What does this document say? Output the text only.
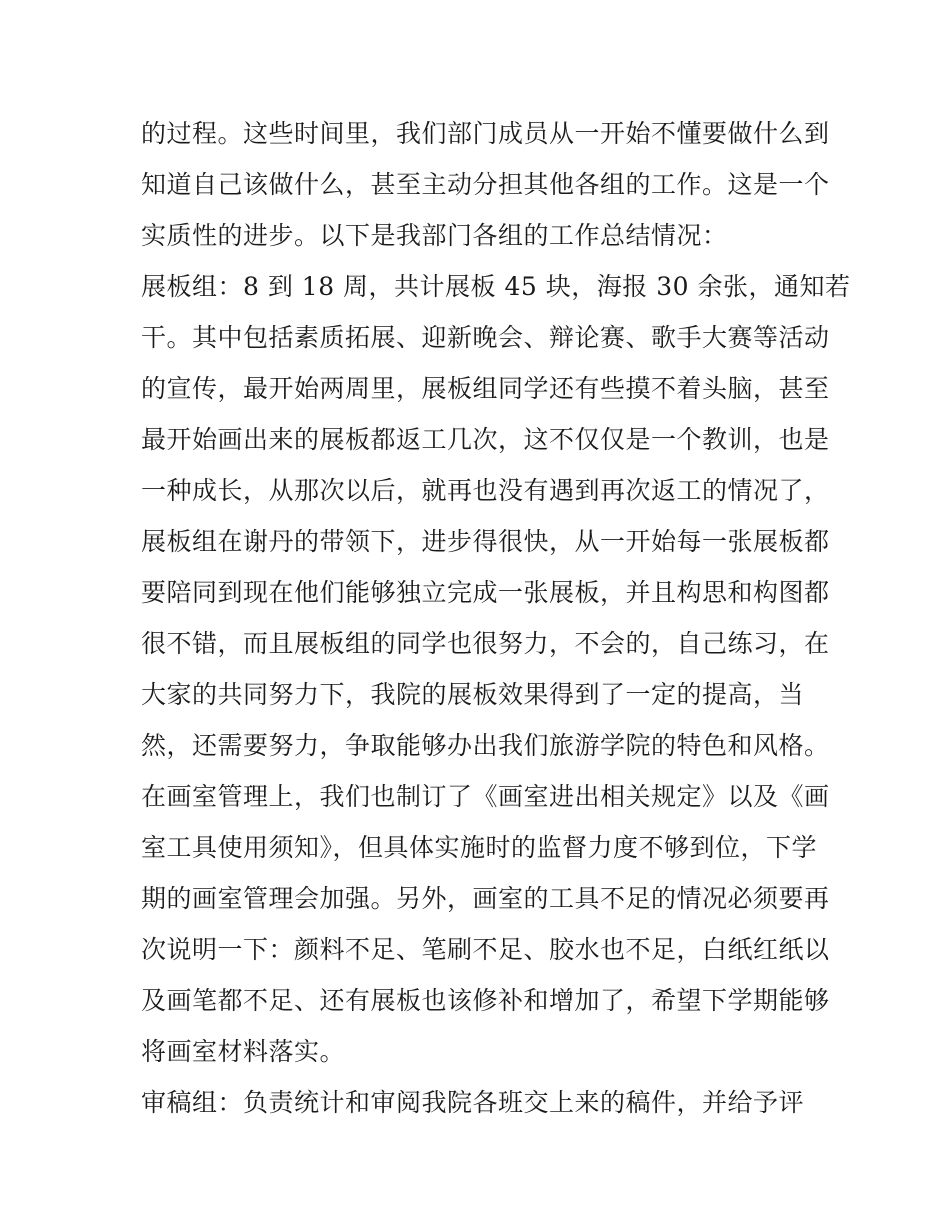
的过程。这些时间里，我们部门成员从一开始不懂要做什么到
知道自己该做什么，甚至主动分担其他各组的工作。这是一个
实质性的进步。以下是我部门各组的工作总结情况：
展板组：8 到 18 周，共计展板 45 块，海报 30 余张，通知若
干。其中包括素质拓展、迎新晚会、辩论赛、歌手大赛等活动
的宣传，最开始两周里，展板组同学还有些摸不着头脑，甚至
最开始画出来的展板都返工几次，这不仅仅是一个教训，也是
一种成长，从那次以后，就再也没有遇到再次返工的情况了，
展板组在谢丹的带领下，进步得很快，从一开始每一张展板都
要陪同到现在他们能够独立完成一张展板，并且构思和构图都
很不错，而且展板组的同学也很努力，不会的，自己练习，在
大家的共同努力下，我院的展板效果得到了一定的提高，当
然，还需要努力，争取能够办出我们旅游学院的特色和风格。
在画室管理上，我们也制订了《画室进出相关规定》以及《画
室工具使用须知》，但具体实施时的监督力度不够到位，下学
期的画室管理会加强。另外，画室的工具不足的情况必须要再
次说明一下：颜料不足、笔刷不足、胶水也不足，白纸红纸以
及画笔都不足、还有展板也该修补和增加了，希望下学期能够
将画室材料落实。
审稿组：负责统计和审阅我院各班交上来的稿件，并给予评
